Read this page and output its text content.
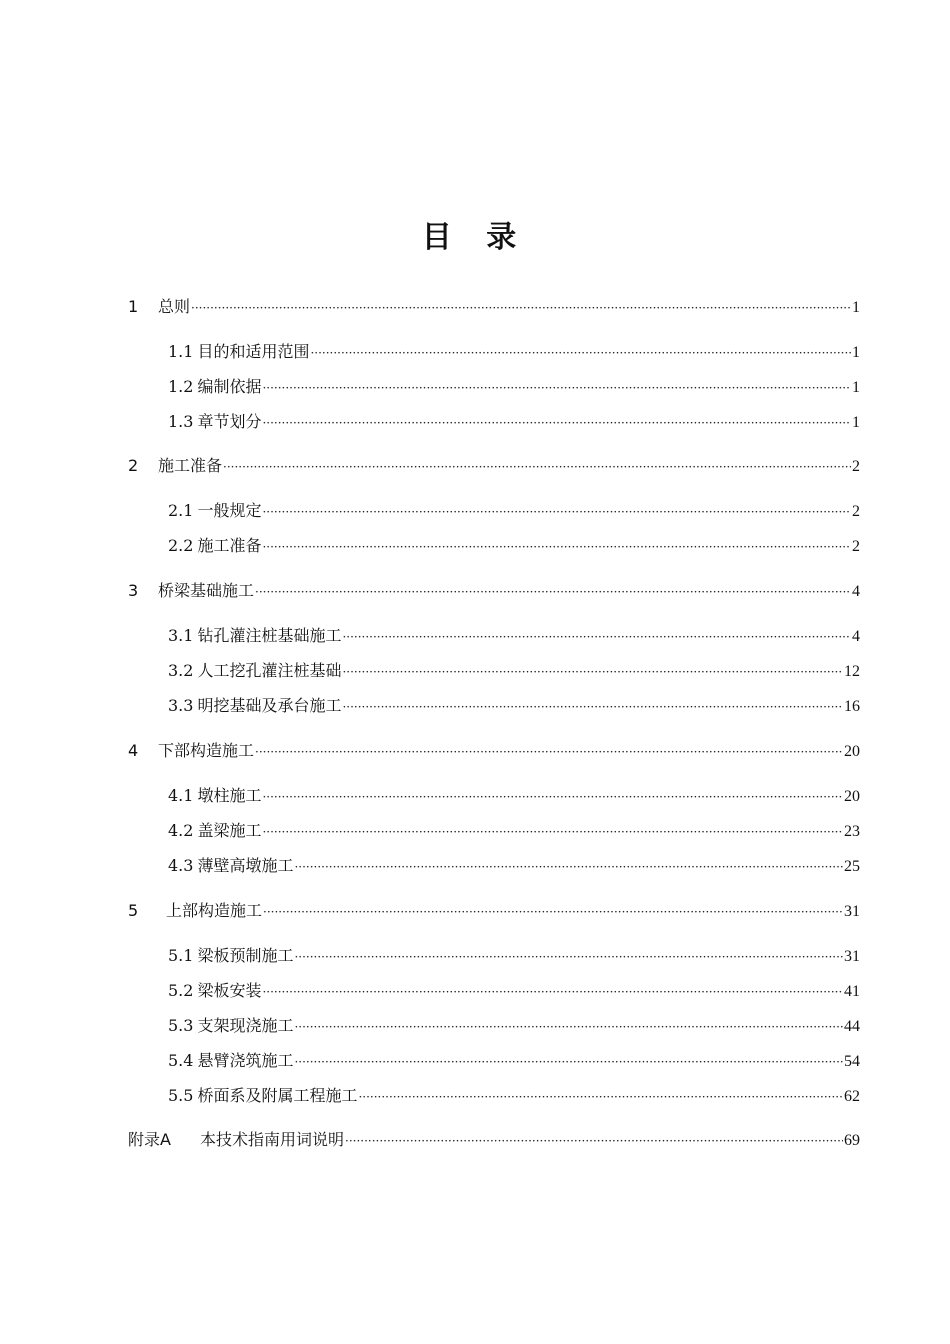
目 录
1	总则 ·····	1
1.1 目的和适用范围 ·····	1
1.2 编制依据 ·····	1
1.3 章节划分 ·····	1
2	施工准备 ·····	2
2.1 一般规定 ·····	2
2.2 施工准备 ·····	2
3	桥梁基础施工 ·····	4
3.1 钻孔灌注桩基础施工 ·····	4
3.2 人工挖孔灌注桩基础 ·····	12
3.3 明挖基础及承台施工 ·····	16
4	下部构造施工 ·····	20
4.1 墩柱施工 ·····	20
4.2 盖梁施工 ·····	23
4.3 薄壁高墩施工 ·····	25
5	上部构造施工 ·····	31
5.1 梁板预制施工 ·····	31
5.2 梁板安装 ·····	41
5.3 支架现浇施工 ·····	44
5.4 悬臂浇筑施工 ·····	54
5.5 桥面系及附属工程施工 ·····	62
附录A	本技术指南用词说明 ·····	69
